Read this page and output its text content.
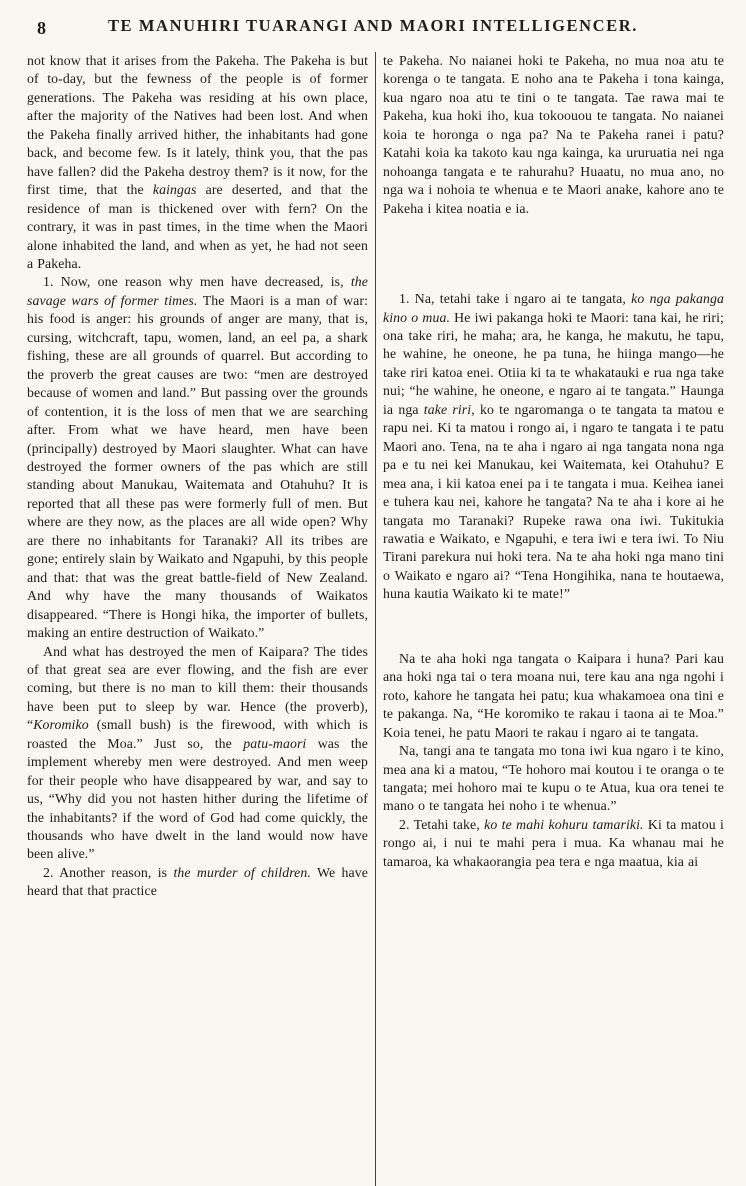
8	TE MANUHIRI TUARANGI AND MAORI INTELLIGENCER.

not know that it arises from the Pakeha. The Pakeha is but of to-day, but the fewness of the people is of former generations. The Pakeha was residing at his own place, after the majority of the Natives had been lost. And when the Pakeha finally arrived hither, the inhabitants had gone back, and become few. Is it lately, think you, that the pas have fallen? did the Pakeha destroy them? is it now, for the first time, that the kaingas are deserted, and that the residence of man is thickened over with fern? On the contrary, it was in past times, in the time when the Maori alone inhabited the land, and when as yet, he had not seen a Pakeha.

1. Now, one reason why men have decreased, is, the savage wars of former times. The Maori is a man of war: his food is anger: his grounds of anger are many, that is, cursing, witchcraft, tapu, women, land, an eel pa, a shark fishing, these are all grounds of quarrel. But according to the proverb the great causes are two: “men are destroyed because of women and land.” But passing over the grounds of contention, it is the loss of men that we are searching after. From what we have heard, men have been (principally) destroyed by Maori slaughter. What can have destroyed the former owners of the pas which are still standing about Manukau, Waitemata and Otahuhu? It is reported that all these pas were formerly full of men. But where are they now, as the places are all wide open? Why are there no inhabitants for Taranaki? All its tribes are gone; entirely slain by Waikato and Ngapuhi, by this people and that: that was the great battle-field of New Zealand. And why have the many thousands of Waikatos disappeared. “There is Hongi hika, the importer of bullets, making an entire destruction of Waikato.”

And what has destroyed the men of Kaipara? The tides of that great sea are ever flowing, and the fish are ever coming, but there is no man to kill them: their thousands have been put to sleep by war. Hence (the proverb), “Koromiko (small bush) is the firewood, with which is roasted the Moa.” Just so, the patu-maori was the implement whereby men were destroyed. And men weep for their people who have disappeared by war, and say to us, “Why did you not hasten hither during the lifetime of the inhabitants? if the word of God had come quickly, the thousands who have dwelt in the land would now have been alive.”

2. Another reason, is the murder of children. We have heard that that practice

te Pakeha. No naianei hoki te Pakeha, no mua noa atu te korenga o te tangata. E noho ana te Pakeha i tona kainga, kua ngaro noa atu te tini o te tangata. Tae rawa mai te Pakeha, kua hoki iho, kua tokoouou te tangata. No naianei koia te horonga o nga pa? Na te Pakeha ranei i patu? Katahi koia ka takoto kau nga kainga, ka ururuatia nei nga nohoanga tangata e te rahurahu? Huaatu, no mua ano, no nga wa i nohoia te whenua e te Maori anake, kahore ano te Pakeha i kitea noatia e ia.

1. Na, tetahi take i ngaro ai te tangata, ko nga pakanga kino o mua. He iwi pakanga hoki te Maori: tana kai, he riri; ona take riri, he maha; ara, he kanga, he makutu, he tapu, he wahine, he oneone, he pa tuna, he hiinga mango—he take riri katoa enei. Otiia ki ta te whakatauki e rua nga take nui; “he wahine, he oneone, e ngaro ai te tangata.” Haunga ia nga take riri, ko te ngaromanga o te tangata ta matou e rapu nei. Ki ta matou i rongo ai, i ngaro te tangata i te patu Maori ano. Tena, na te aha i ngaro ai nga tangata nona nga pa e tu nei kei Manukau, kei Waitemata, kei Otahuhu? E mea ana, i kii katoa enei pa i te tangata i mua. Keihea ianei e tuhera kau nei, kahore he tangata? Na te aha i kore ai he tangata mo Taranaki? Rupeke rawa ona iwi. Tukitukia rawatia e Waikato, e Ngapuhi, e tera iwi e tera iwi. To Niu Tirani parekura nui hoki tera. Na te aha hoki nga mano tini o Waikato e ngaro ai? “Tena Hongihika, nana te houtaewa, huna kautia Waikato ki te mate!”

Na te aha hoki nga tangata o Kaipara i huna? Pari kau ana hoki nga tai o tera moana nui, tere kau ana nga ngohi i roto, kahore he tangata hei patu; kua whakamoea ona tini e te pakanga. Na, “He koromiko te rakau i taona ai te Moa.” Koia tenei, he patu Maori te rakau i ngaro ai te tangata.

Na, tangi ana te tangata mo tona iwi kua ngaro i te kino, mea ana ki a matou, “Te hohoro mai koutou i te oranga o te tangata; mei hohoro mai te kupu o te Atua, kua ora tenei te mano o te tangata hei noho i te whenua.”

2. Tetahi take, ko te mahi kohuru tamariki. Ki ta matou i rongo ai, i nui te mahi pera i mua. Ka whanau mai he tamaroa, ka whakaorangia pea tera e nga maatua, kia ai
